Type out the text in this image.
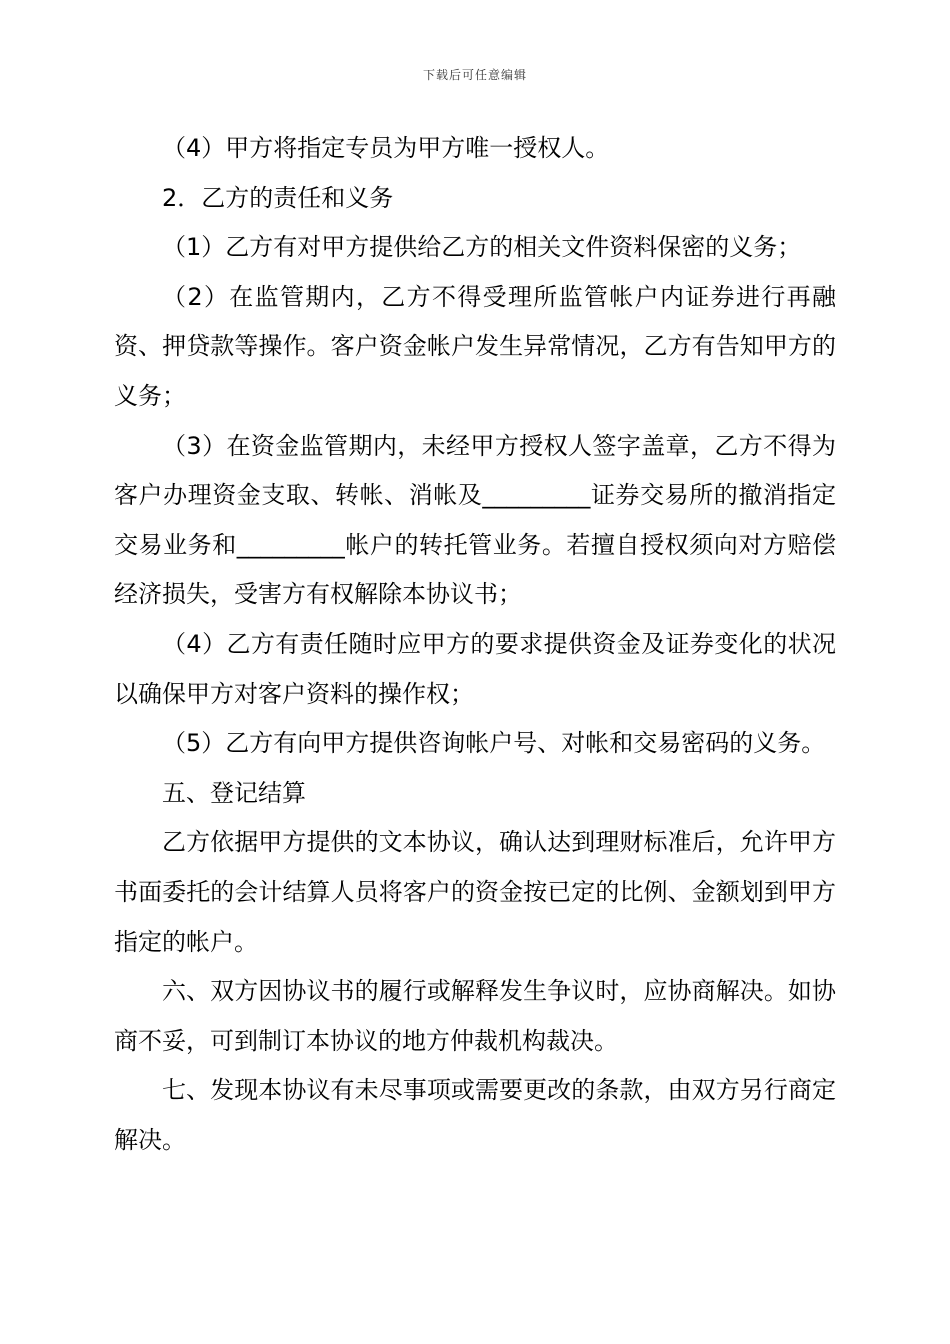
下载后可任意编辑

（4）甲方将指定专员为甲方唯一授权人。

2．乙方的责任和义务

（1）乙方有对甲方提供给乙方的相关文件资料保密的义务；

（2）在监管期内，乙方不得受理所监管帐户内证券进行再融资、押贷款等操作。客户资金帐户发生异常情况，乙方有告知甲方的义务；

（3）在资金监管期内，未经甲方授权人签字盖章，乙方不得为客户办理资金支取、转帐、消帐及_________证券交易所的撤消指定交易业务和_________帐户的转托管业务。若擅自授权须向对方赔偿经济损失，受害方有权解除本协议书；

（4）乙方有责任随时应甲方的要求提供资金及证券变化的状况以确保甲方对客户资料的操作权；

（5）乙方有向甲方提供咨询帐户号、对帐和交易密码的义务。

五、登记结算

乙方依据甲方提供的文本协议，确认达到理财标准后，允许甲方书面委托的会计结算人员将客户的资金按已定的比例、金额划到甲方指定的帐户。

六、双方因协议书的履行或解释发生争议时，应协商解决。如协商不妥，可到制订本协议的地方仲裁机构裁决。

七、发现本协议有未尽事项或需要更改的条款，由双方另行商定解决。
